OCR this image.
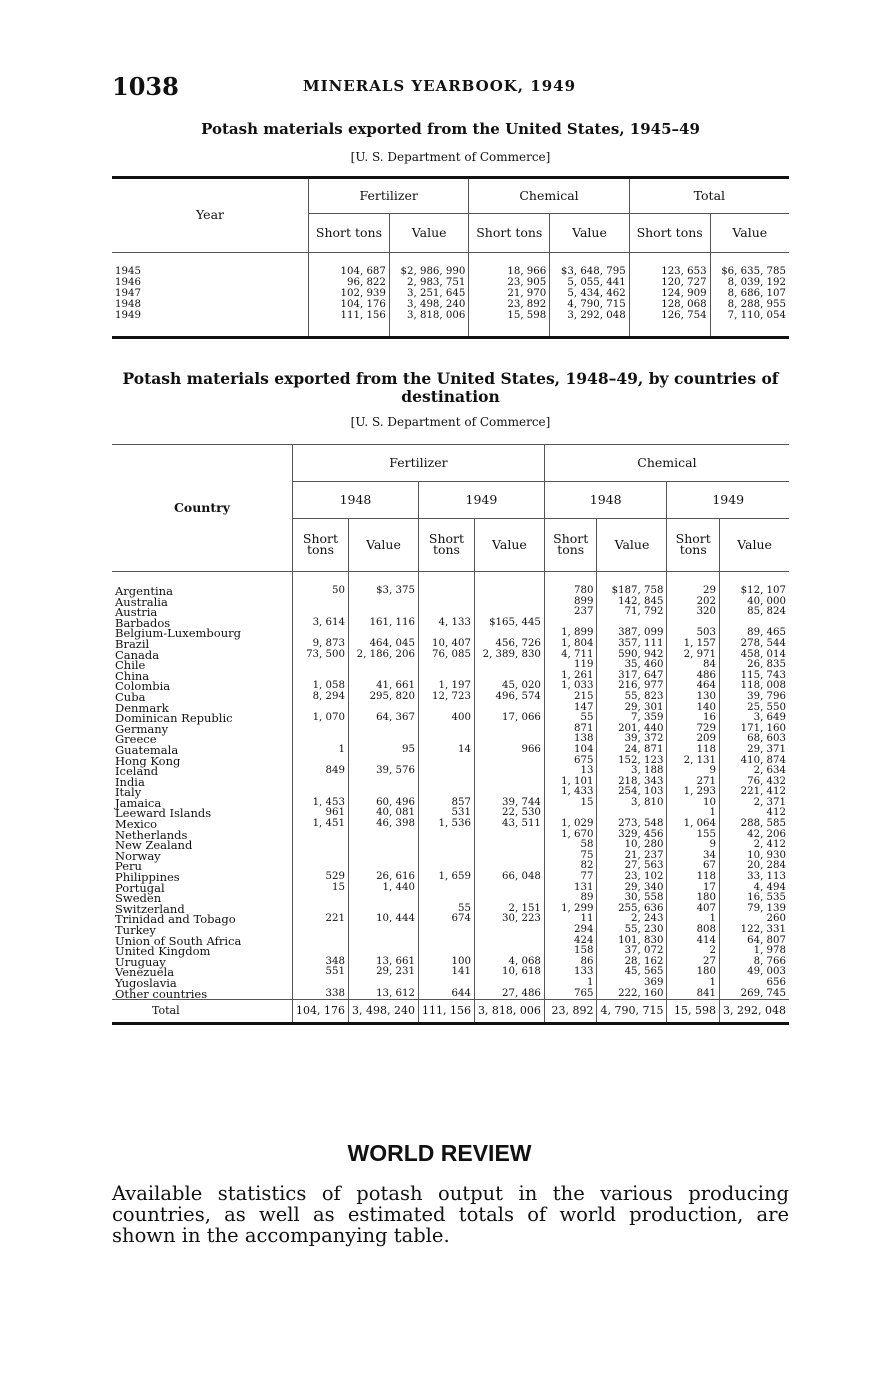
1038	MINERALS YEARBOOK, 1949
Potash materials exported from the United States, 1945–49
[U. S. Department of Commerce]
Year	Fertilizer		Chemical		Total	
	Short tons	Value	Short tons	Value	Short tons	Value
1945	104, 687	$2, 986, 990	18, 966	$3, 648, 795	123, 653	$6, 635, 785
1946	96, 822	2, 983, 751	23, 905	5, 055, 441	120, 727	8, 039, 192
1947	102, 939	3, 251, 645	21, 970	5, 434, 462	124, 909	8, 686, 107
1948	104, 176	3, 498, 240	23, 892	4, 790, 715	128, 068	8, 288, 955
1949	111, 156	3, 818, 006	15, 598	3, 292, 048	126, 754	7, 110, 054
Potash materials exported from the United States, 1948–49, by countries of destination
[U. S. Department of Commerce]
Country	Fertilizer				Chemical			
	1948		1949		1948		1949	
	Short tons	Value	Short tons	Value	Short tons	Value	Short tons	Value
Argentina	50	$3, 375			780	$187, 758	29	$12, 107
Australia					899	142, 845	202	40, 000
Austria					237	71, 792	320	85, 824
Barbados	3, 614	161, 116	4, 133	$165, 445				
Belgium-Luxembourg					1, 899	387, 099	503	89, 465
Brazil	9, 873	464, 045	10, 407	456, 726	1, 804	357, 111	1, 157	278, 544
Canada	73, 500	2, 186, 206	76, 085	2, 389, 830	4, 711	590, 942	2, 971	458, 014
Chile					119	35, 460	84	26, 835
China					1, 261	317, 647	486	115, 743
Colombia	1, 058	41, 661	1, 197	45, 020	1, 033	216, 977	464	118, 008
Cuba	8, 294	295, 820	12, 723	496, 574	215	55, 823	130	39, 796
Denmark					147	29, 301	140	25, 550
Dominican Republic	1, 070	64, 367	400	17, 066	55	7, 359	16	3, 649
Germany					871	201, 440	729	171, 160
Greece					138	39, 372	209	68, 603
Guatemala	1	95	14	966	104	24, 871	118	29, 371
Hong Kong					675	152, 123	2, 131	410, 874
Iceland	849	39, 576			13	3, 188	9	2, 634
India					1, 101	218, 343	271	76, 432
Italy					1, 433	254, 103	1, 293	221, 412
Jamaica	1, 453	60, 496	857	39, 744	15	3, 810	10	2, 371
Leeward Islands	961	40, 081	531	22, 530			1	412
Mexico	1, 451	46, 398	1, 536	43, 511	1, 029	273, 548	1, 064	288, 585
Netherlands					1, 670	329, 456	155	42, 206
New Zealand					58	10, 280	9	2, 412
Norway					75	21, 237	34	10, 930
Peru					82	27, 563	67	20, 284
Philippines	529	26, 616	1, 659	66, 048	77	23, 102	118	33, 113
Portugal	15	1, 440			131	29, 340	17	4, 494
Sweden					89	30, 558	180	16, 535
Switzerland			55	2, 151	1, 299	255, 636	407	79, 139
Trinidad and Tobago	221	10, 444	674	30, 223	11	2, 243	1	260
Turkey					294	55, 230	808	122, 331
Union of South Africa					424	101, 830	414	64, 807
United Kingdom					158	37, 072	2	1, 978
Uruguay	348	13, 661	100	4, 068	86	28, 162	27	8, 766
Venezuela	551	29, 231	141	10, 618	133	45, 565	180	49, 003
Yugoslavia					1	369	1	656
Other countries	338	13, 612	644	27, 486	765	222, 160	841	269, 745
Total	104, 176	3, 498, 240	111, 156	3, 818, 006	23, 892	4, 790, 715	15, 598	3, 292, 048
WORLD REVIEW
Available statistics of potash output in the various producing countries, as well as estimated totals of world production, are shown in the accompanying table.
